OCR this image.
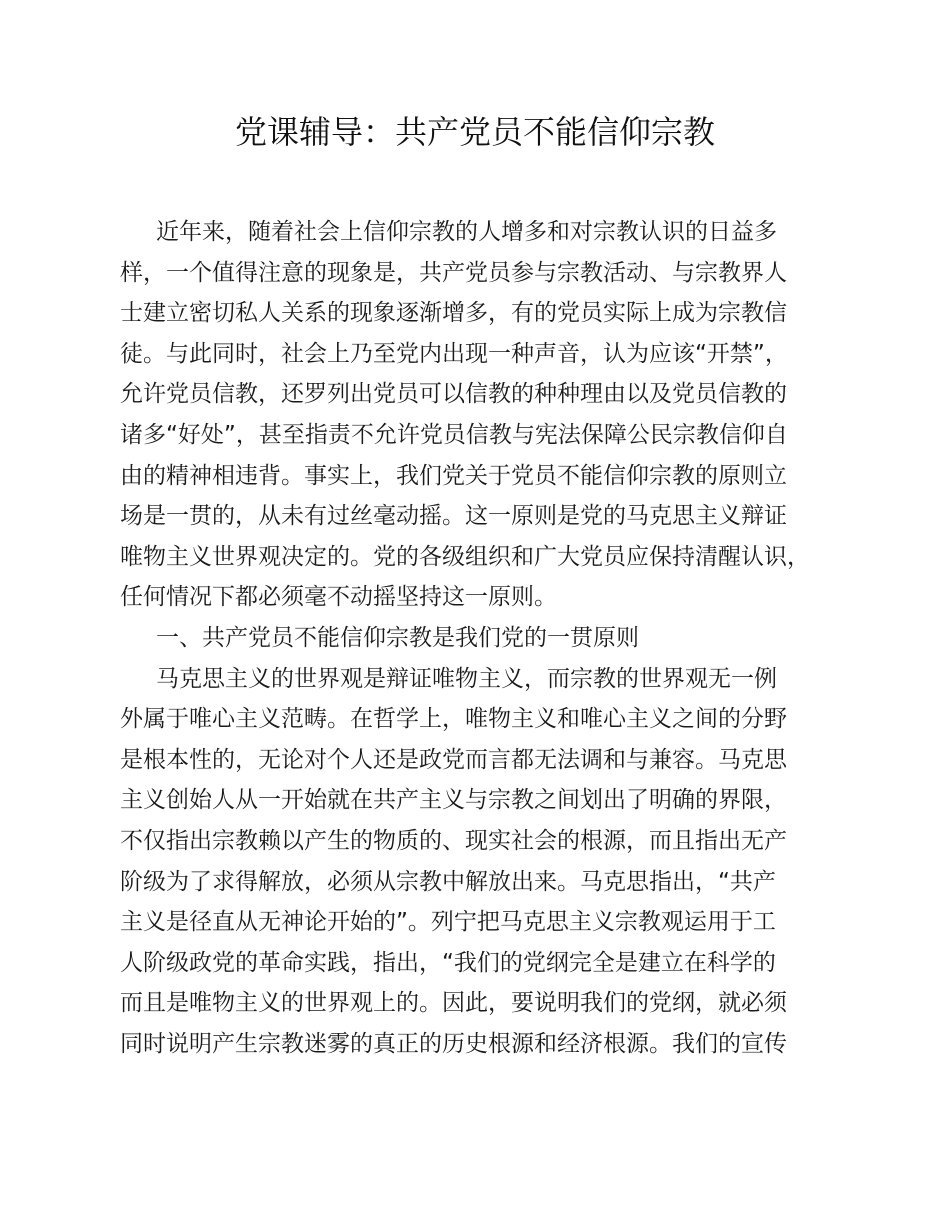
党课辅导：共产党员不能信仰宗教
近年来，随着社会上信仰宗教的人增多和对宗教认识的日益多
样，一个值得注意的现象是，共产党员参与宗教活动、与宗教界人
士建立密切私人关系的现象逐渐增多，有的党员实际上成为宗教信
徒。与此同时，社会上乃至党内出现一种声音，认为应该“开禁”，
允许党员信教，还罗列出党员可以信教的种种理由以及党员信教的
诸多“好处”，甚至指责不允许党员信教与宪法保障公民宗教信仰自
由的精神相违背。事实上，我们党关于党员不能信仰宗教的原则立
场是一贯的，从未有过丝毫动摇。这一原则是党的马克思主义辩证
唯物主义世界观决定的。党的各级组织和广大党员应保持清醒认识，
任何情况下都必须毫不动摇坚持这一原则。
一、共产党员不能信仰宗教是我们党的一贯原则
马克思主义的世界观是辩证唯物主义，而宗教的世界观无一例
外属于唯心主义范畴。在哲学上，唯物主义和唯心主义之间的分野
是根本性的，无论对个人还是政党而言都无法调和与兼容。马克思
主义创始人从一开始就在共产主义与宗教之间划出了明确的界限，
不仅指出宗教赖以产生的物质的、现实社会的根源，而且指出无产
阶级为了求得解放，必须从宗教中解放出来。马克思指出，“共产
主义是径直从无神论开始的”。列宁把马克思主义宗教观运用于工
人阶级政党的革命实践，指出，“我们的党纲完全是建立在科学的
而且是唯物主义的世界观上的。因此，要说明我们的党纲，就必须
同时说明产生宗教迷雾的真正的历史根源和经济根源。我们的宣传
